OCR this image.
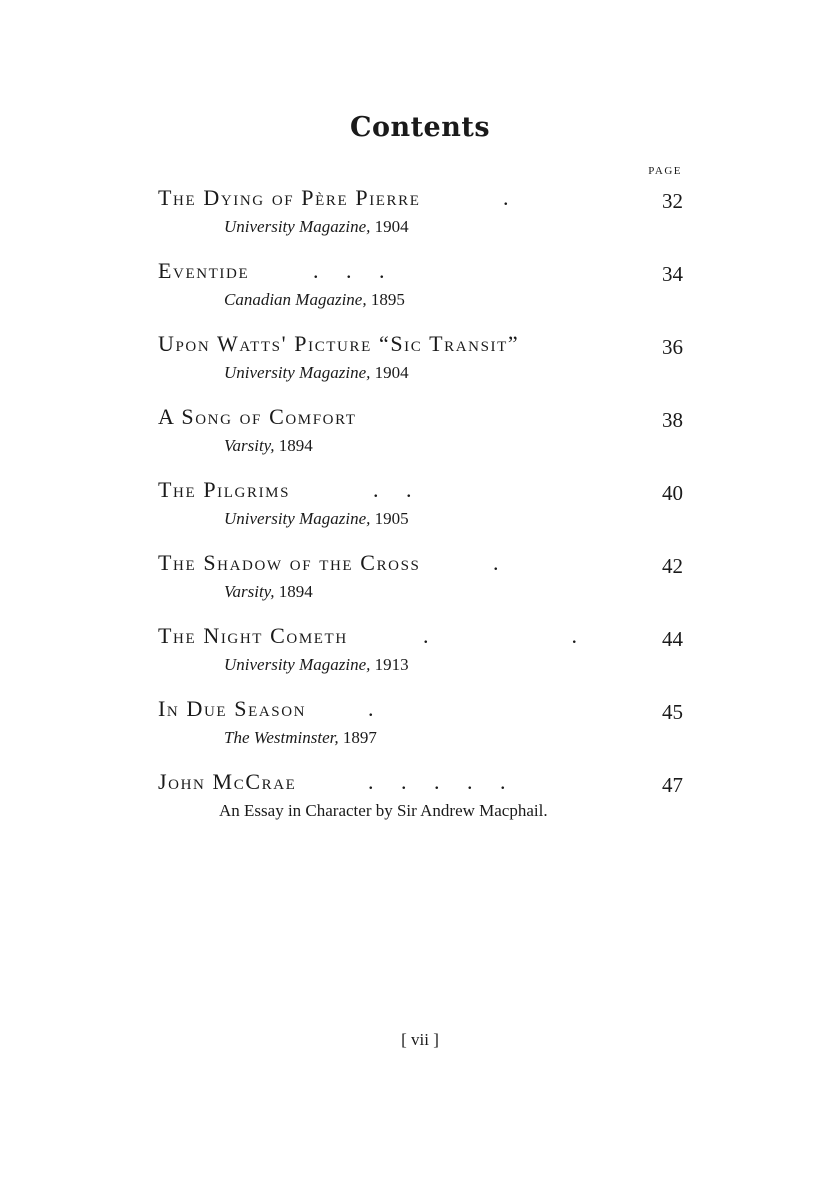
Contents
PAGE
The Dying of Père Pierre	.	32
University Magazine, 1904
Eventide	.     .     .	34
Canadian Magazine, 1895
Upon Watts' Picture “Sic Transit”	36
University Magazine, 1904
A Song of Comfort	38
Varsity, 1894
The Pilgrims	.     .	40
University Magazine, 1905
The Shadow of the Cross	.	42
Varsity, 1894
The Night Cometh	.                          .	44
University Magazine, 1913
In Due Season	.	45
The Westminster, 1897
John McCrae	.     .     .     .     .	47
An Essay in Character by Sir Andrew Macphail.
[ vii ]
